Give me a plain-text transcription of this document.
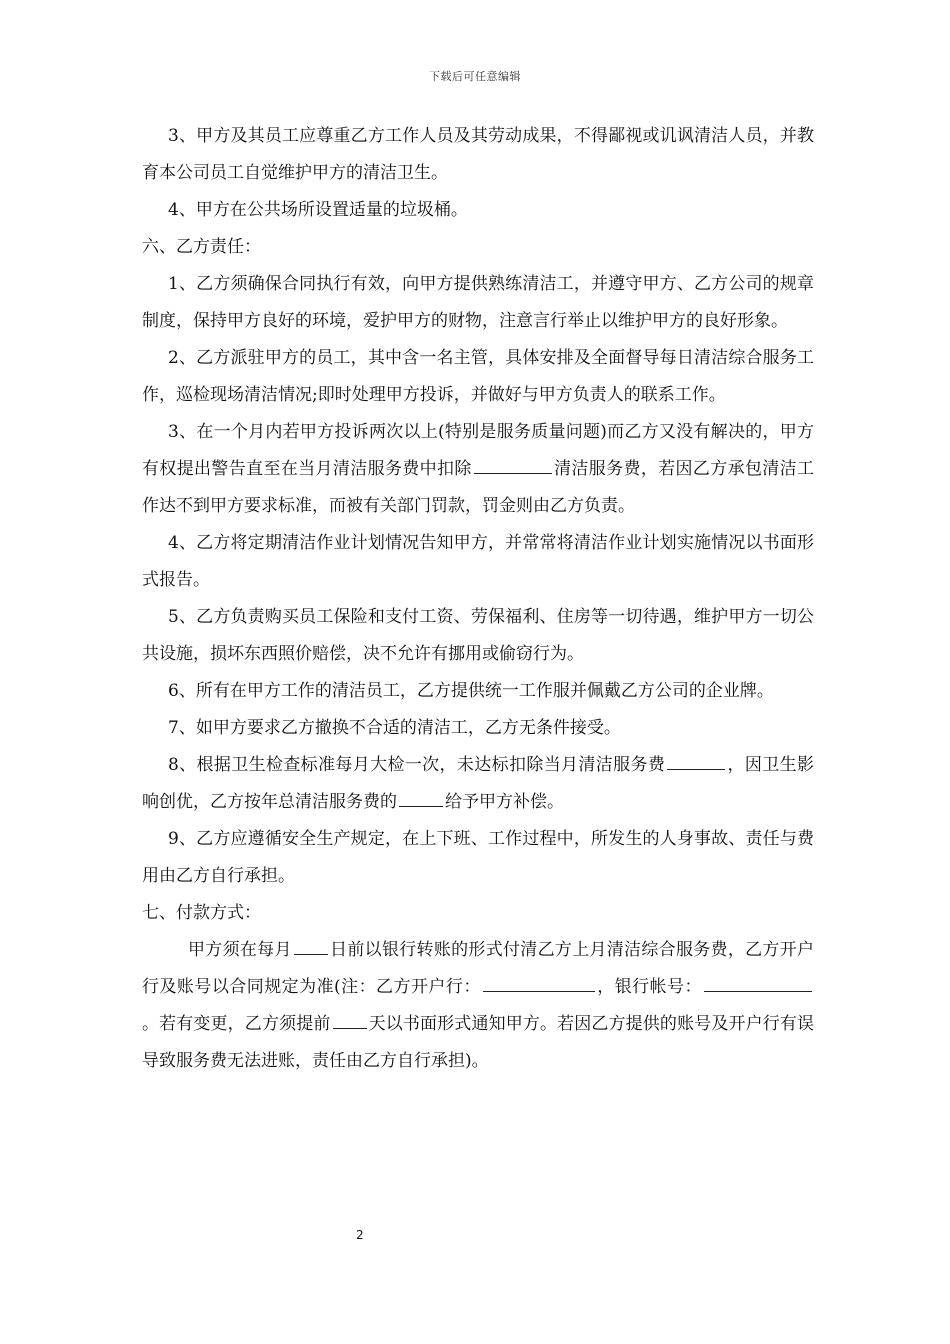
下载后可任意编辑

3、甲方及其员工应尊重乙方工作人员及其劳动成果，不得鄙视或讥讽清洁人员，并教育本公司员工自觉维护甲方的清洁卫生。

4、甲方在公共场所设置适量的垃圾桶。

六、乙方责任：

1、乙方须确保合同执行有效，向甲方提供熟练清洁工，并遵守甲方、乙方公司的规章制度，保持甲方良好的环境，爱护甲方的财物，注意言行举止以维护甲方的良好形象。

2、乙方派驻甲方的员工，其中含一名主管，具体安排及全面督导每日清洁综合服务工作，巡检现场清洁情况;即时处理甲方投诉，并做好与甲方负责人的联系工作。

3、在一个月内若甲方投诉两次以上(特别是服务质量问题)而乙方又没有解决的，甲方有权提出警告直至在当月清洁服务费中扣除	清洁服务费，若因乙方承包清洁工作达不到甲方要求标准，而被有关部门罚款，罚金则由乙方负责。

4、乙方将定期清洁作业计划情况告知甲方，并常常将清洁作业计划实施情况以书面形式报告。

5、乙方负责购买员工保险和支付工资、劳保福利、住房等一切待遇，维护甲方一切公共设施，损坏东西照价赔偿，决不允许有挪用或偷窃行为。

6、所有在甲方工作的清洁员工，乙方提供统一工作服并佩戴乙方公司的企业牌。

7、如甲方要求乙方撤换不合适的清洁工，乙方无条件接受。

8、根据卫生检查标准每月大检一次，未达标扣除当月清洁服务费	，因卫生影响创优，乙方按年总清洁服务费的	给予甲方补偿。

9、乙方应遵循安全生产规定，在上下班、工作过程中，所发生的人身事故、责任与费用由乙方自行承担。

七、付款方式：

甲方须在每月 日前以银行转账的形式付清乙方上月清洁综合服务费，乙方开户行及账号以合同规定为准(注：乙方开户行：	，银行帐号：。若有变更，乙方须提前 天以书面形式通知甲方。若因乙方提供的账号及开户行有误导致服务费无法进账，责任由乙方自行承担)。

2
